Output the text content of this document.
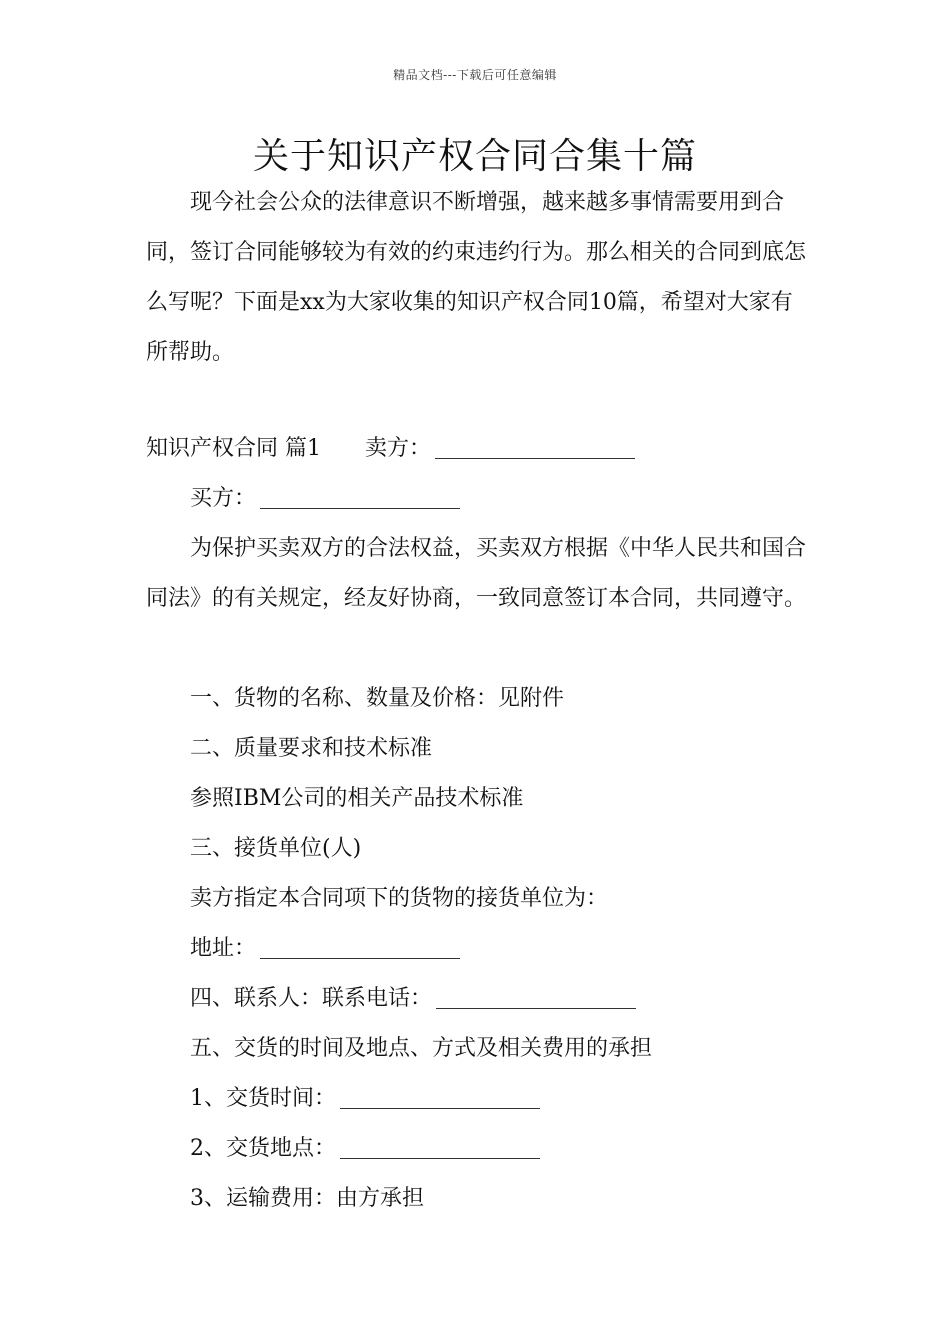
精品文档---下载后可任意编辑
关于知识产权合同合集十篇

现今社会公众的法律意识不断增强，越来越多事情需要用到合同，签订合同能够较为有效的约束违约行为。那么相关的合同到底怎么写呢？下面是xx为大家收集的知识产权合同10篇，希望对大家有所帮助。

知识产权合同 篇1 卖方：

买方：

为保护买卖双方的合法权益，买卖双方根据《中华人民共和国合同法》的有关规定，经友好协商，一致同意签订本合同，共同遵守。

一、货物的名称、数量及价格：见附件

二、质量要求和技术标准

参照IBM公司的相关产品技术标准

三、接货单位(人)

卖方指定本合同项下的货物的接货单位为：

地址：

四、联系人：联系电话：

五、交货的时间及地点、方式及相关费用的承担

1、交货时间：

2、交货地点：

3、运输费用：由方承担
